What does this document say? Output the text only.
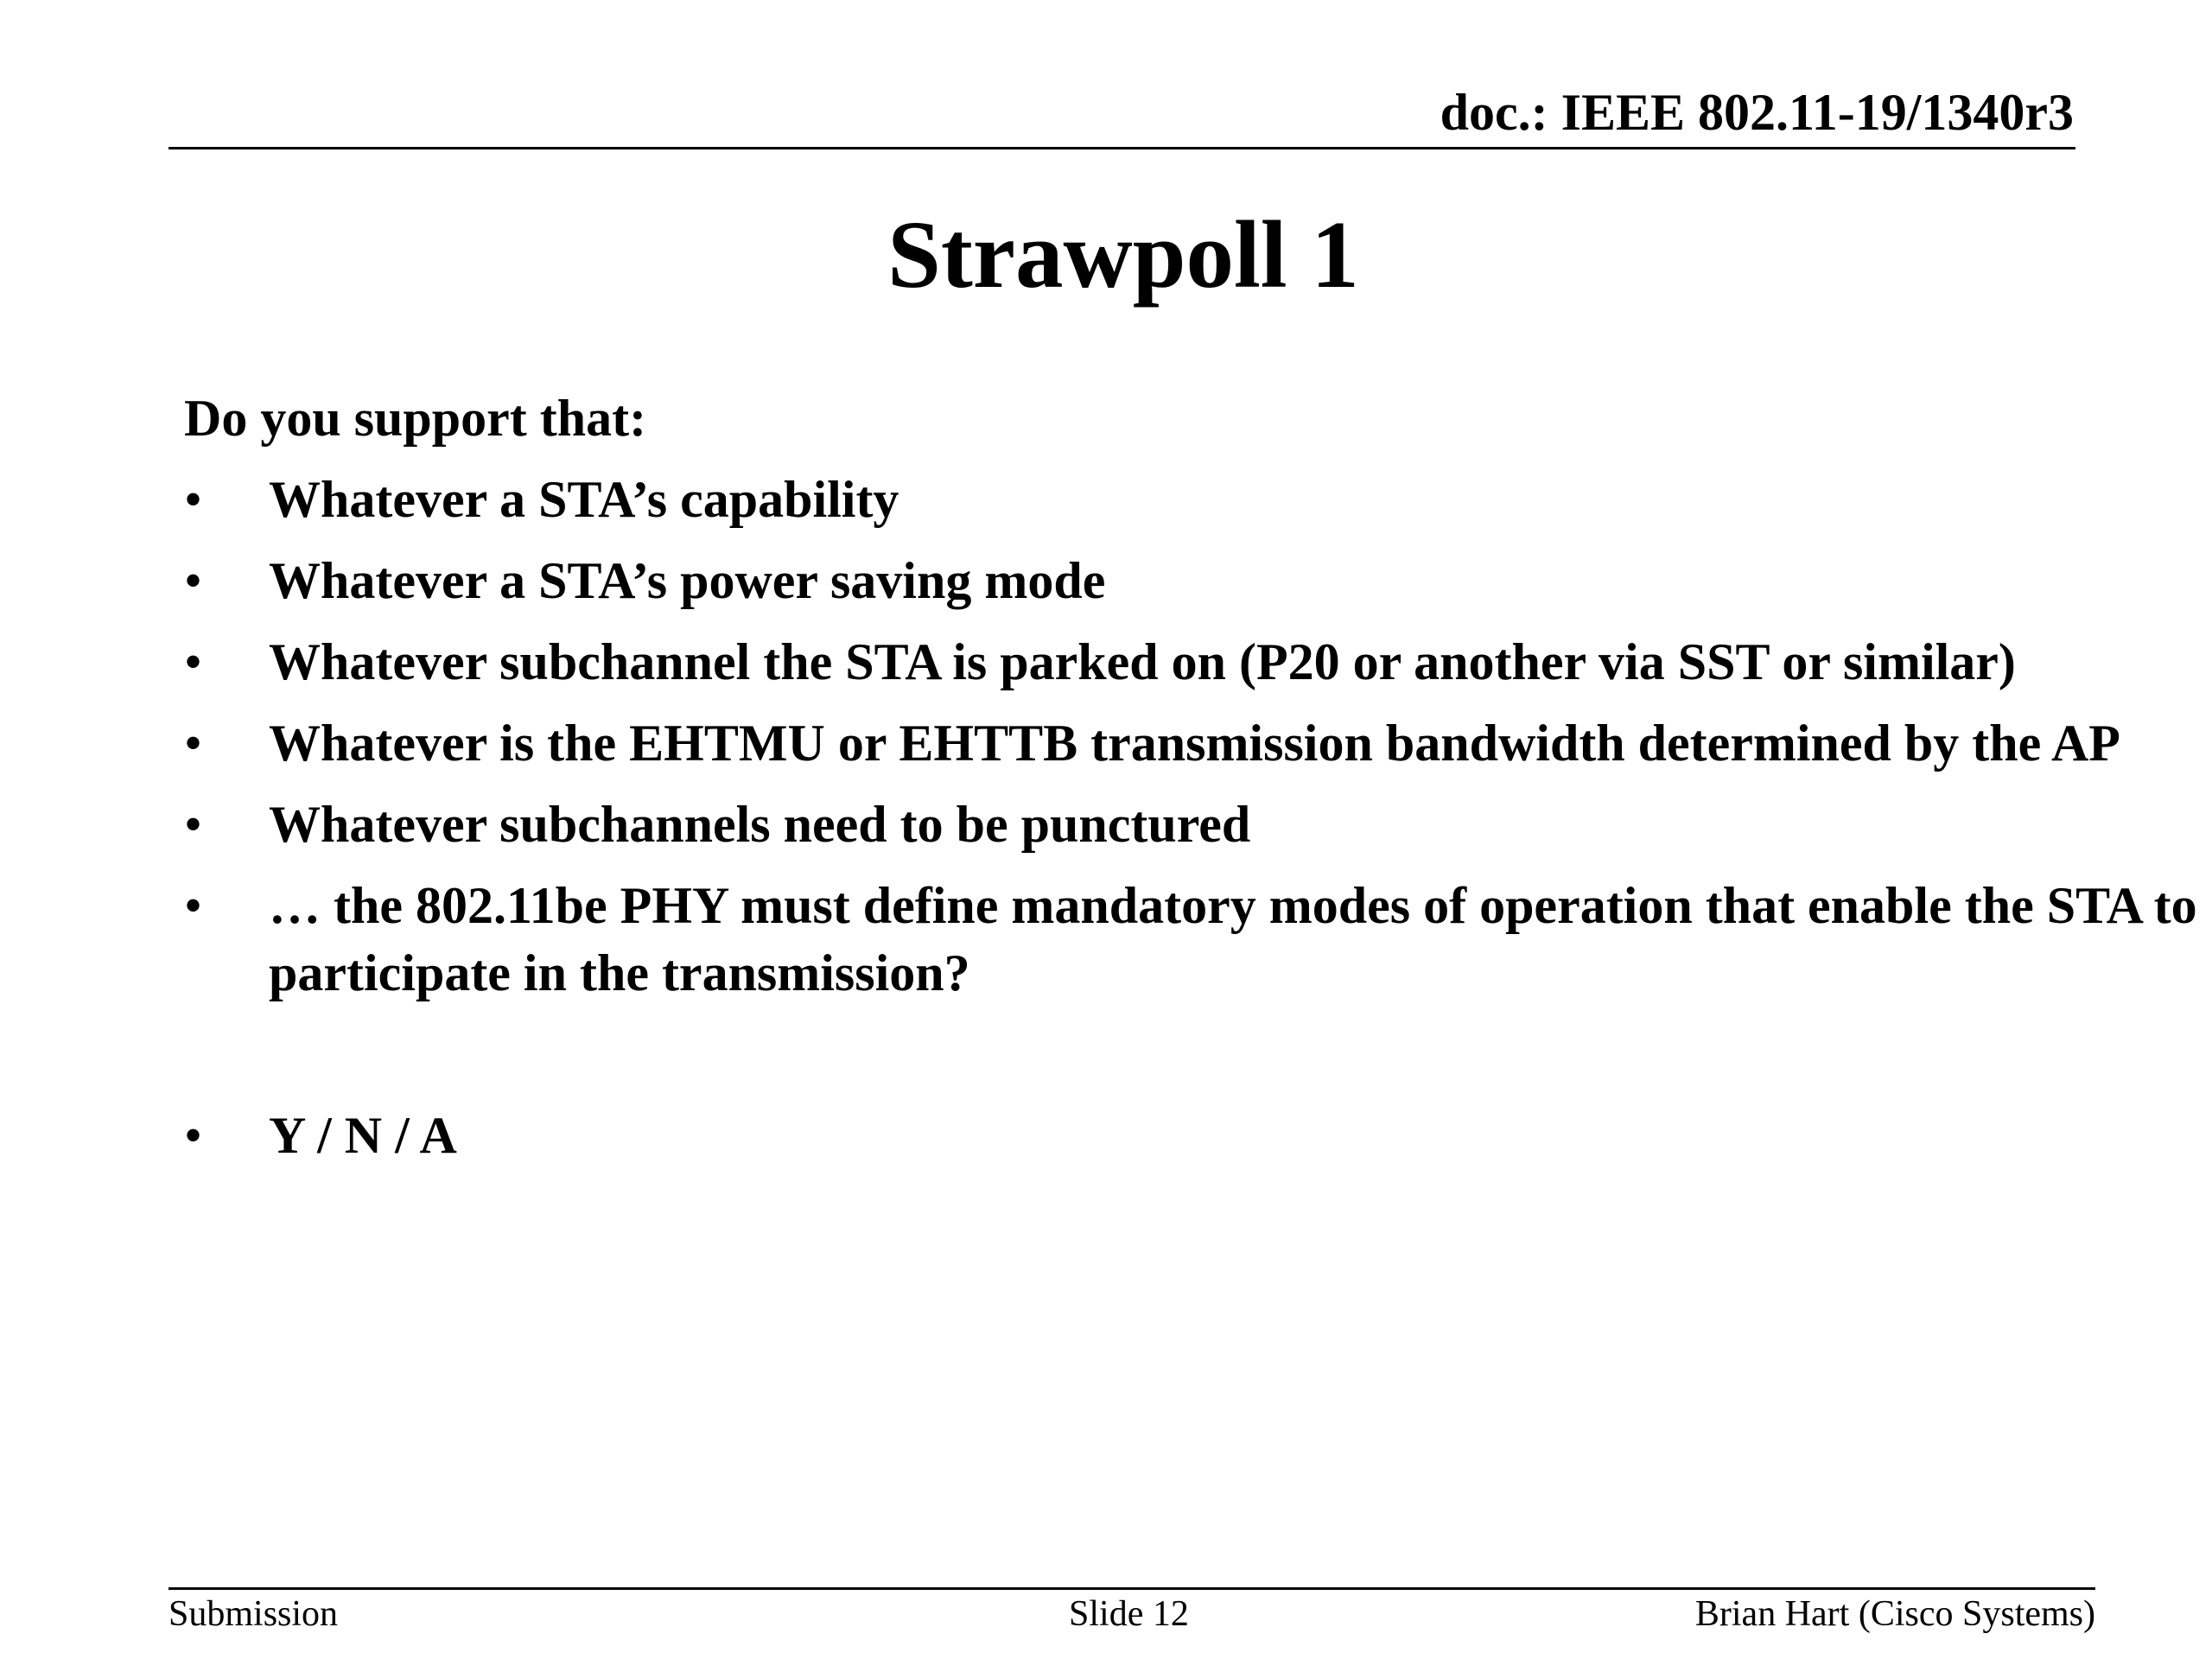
doc.: IEEE 802.11-19/1340r3
Strawpoll 1
Do you support that:
• Whatever a STA’s capability
• Whatever a STA’s power saving mode
• Whatever subchannel the STA is parked on (P20 or another via SST or similar)
• Whatever is the EHTMU or EHTTB transmission bandwidth determined by the AP
• Whatever subchannels need to be punctured
• … the 802.11be PHY must define mandatory modes of operation that enable the STA to participate in the transmission?
• Y / N / A
Submission	Slide 12	Brian Hart (Cisco Systems)
